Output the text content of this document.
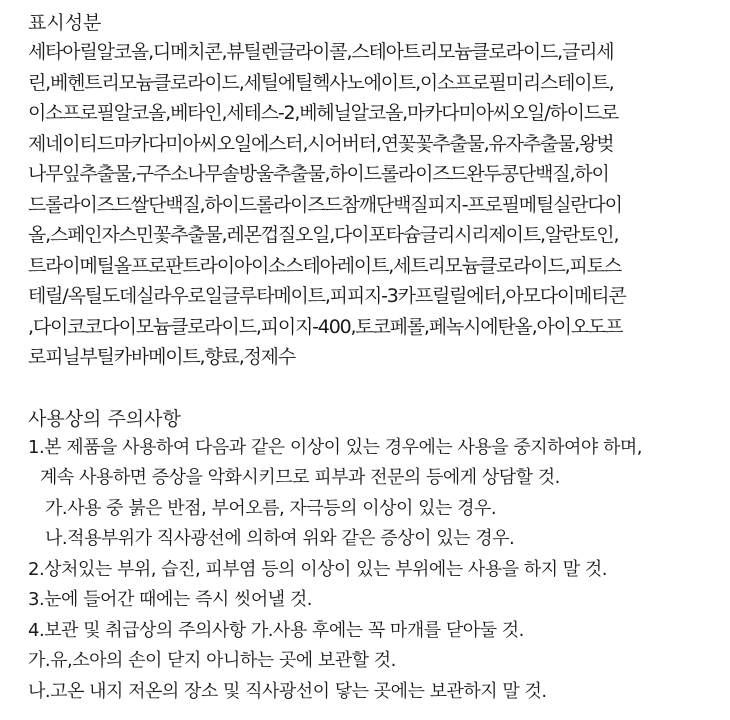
표시성분
세타아릴알코올,디메치콘,뷰틸렌글라이콜,스테아트리모늄클로라이드,글리세
린,베헨트리모늄클로라이드,세틸에틸헥사노에이트,이소프로필미리스테이트,
이소프로필알코올,베타인,세테스-2,베헤닐알코올,마카다미아씨오일/하이드로
제네이티드마카다미아씨오일에스터,시어버터,연꽃꽃추출물,유자추출물,왕벚
나무잎추출물,구주소나무솔방울추출물,하이드롤라이즈드완두콩단백질,하이
드롤라이즈드쌀단백질,하이드롤라이즈드참깨단백질피지-프로필메틸실란다이
올,스페인자스민꽃추출물,레몬껍질오일,다이포타슘글리시리제이트,알란토인,
트라이메틸올프로판트라이아이소스테아레이트,세트리모늄클로라이드,피토스
테릴/옥틸도데실라우로일글루타메이트,피피지-3카프릴릴에터,아모다이메티콘
,다이코코다이모늄클로라이드,피이지-400,토코페롤,페녹시에탄올,아이오도프
로피닐부틸카바메이트,향료,정제수
사용상의 주의사항
1.본 제품을 사용하여 다음과 같은 이상이 있는 경우에는 사용을 중지하여야 하며,
계속 사용하면 증상을 악화시키므로 피부과 전문의 등에게 상담할 것.
가.사용 중 붉은 반점, 부어오름, 자극등의 이상이 있는 경우.
나.적용부위가 직사광선에 의하여 위와 같은 증상이 있는 경우.
2.상처있는 부위, 습진, 피부염 등의 이상이 있는 부위에는 사용을 하지 말 것.
3.눈에 들어간 때에는 즉시 씻어낼 것.
4.보관 및 취급상의 주의사항 가.사용 후에는 꼭 마개를 닫아둘 것.
가.유,소아의 손이 닫지 아니하는 곳에 보관할 것.
나.고온 내지 저온의 장소 및 직사광선이 닿는 곳에는 보관하지 말 것.
